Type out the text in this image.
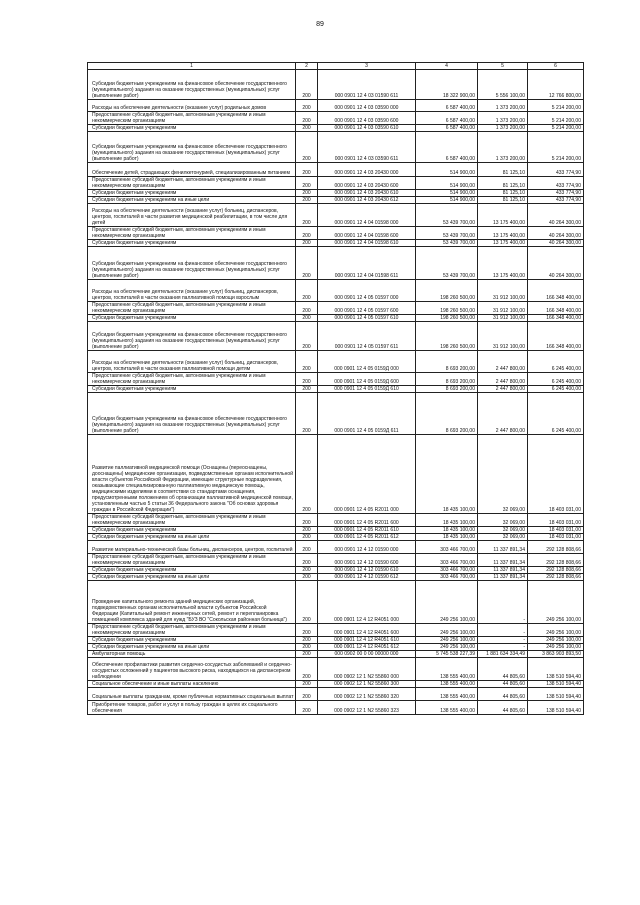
89
1	2	3	4	5	6
Субсидии бюджетным учреждениям на финансовое обеспечение государственного (муниципального) задания на оказание государственных (муниципальных) услуг (выполнение работ)	200	000 0901 12 4 03 01590 611	18 322 900,00	5 556 100,00	12 766 800,00
Расходы на обеспечение деятельности (оказание услуг) родильных домов	200	000 0901 12 4 03 03590 000	6 587 400,00	1 373 200,00	5 214 200,00
Предоставление субсидий бюджетным, автономным учреждениям и иным некоммерческим организациям	200	000 0901 12 4 03 03590 600	6 587 400,00	1 373 200,00	5 214 200,00
Субсидии бюджетным учреждениям	200	000 0901 12 4 03 03590 610	6 587 400,00	1 373 200,00	5 214 200,00
Субсидии бюджетным учреждениям на финансовое обеспечение государственного (муниципального) задания на оказание государственных (муниципальных) услуг (выполнение работ)	200	000 0901 12 4 03 03590 611	6 587 400,00	1 373 200,00	5 214 200,00
Обеспечение детей, страдающих фенилкетонурией, специализированным питанием	200	000 0901 12 4 03 20430 000	514 900,00	81 125,10	433 774,90
Предоставление субсидий бюджетным, автономным учреждениям и иным некоммерческим организациям	200	000 0901 12 4 03 20430 600	514 900,00	81 125,10	433 774,90
Субсидии бюджетным учреждениям	200	000 0901 12 4 03 20430 610	514 900,00	81 125,10	433 774,90
Субсидии бюджетным учреждениям на иные цели	200	000 0901 12 4 03 20430 612	514 900,00	81 125,10	433 774,90
Расходы на обеспечение деятельности (оказание услуг) больниц, диспансеров, центров, госпиталей в части развития медицинской реабилитации, в том числе для детей	200	000 0901 12 4 04 01598 000	53 439 700,00	13 175 400,00	40 264 300,00
Предоставление субсидий бюджетным, автономным учреждениям и иным некоммерческим организациям	200	000 0901 12 4 04 01598 600	53 439 700,00	13 175 400,00	40 264 300,00
Субсидии бюджетным учреждениям	200	000 0901 12 4 04 01598 610	53 439 700,00	13 175 400,00	40 264 300,00
Субсидии бюджетным учреждениям на финансовое обеспечение государственного (муниципального) задания на оказание государственных (муниципальных) услуг (выполнение работ)	200	000 0901 12 4 04 01598 611	53 439 700,00	13 175 400,00	40 264 300,00
Расходы на обеспечение деятельности (оказание услуг) больниц, диспансеров, центров, госпиталей в части оказания паллиативной помощи взрослым	200	000 0901 12 4 05 01597 000	198 260 500,00	31 912 100,00	166 348 400,00
Предоставление субсидий бюджетным, автономным учреждениям и иным некоммерческим организациям	200	000 0901 12 4 05 01597 600	198 260 500,00	31 912 100,00	166 348 400,00
Субсидии бюджетным учреждениям	200	000 0901 12 4 05 01597 610	198 260 500,00	31 912 100,00	166 348 400,00
Субсидии бюджетным учреждениям на финансовое обеспечение государственного (муниципального) задания на оказание государственных (муниципальных) услуг (выполнение работ)	200	000 0901 12 4 05 01597 611	198 260 500,00	31 912 100,00	166 348 400,00
Расходы на обеспечение деятельности (оказание услуг) больниц, диспансеров, центров, госпиталей в части оказания паллиативной помощи детям	200	000 0901 12 4 05 0159Д 000	8 693 200,00	2 447 800,00	6 245 400,00
Предоставление субсидий бюджетным, автономным учреждениям и иным некоммерческим организациям	200	000 0901 12 4 05 0159Д 600	8 693 200,00	2 447 800,00	6 245 400,00
Субсидии бюджетным учреждениям	200	000 0901 12 4 05 0159Д 610	8 693 200,00	2 447 800,00	6 245 400,00
Субсидии бюджетным учреждениям на финансовое обеспечение государственного (муниципального) задания на оказание государственных (муниципальных) услуг (выполнение работ)	200	000 0901 12 4 05 0159Д 611	8 693 200,00	2 447 800,00	6 245 400,00
Развитие паллиативной медицинской помощи (Оснащены (переоснащены, дооснащены) медицинские организации, подведомственные органам исполнительной власти субъектов Российской Федерации, имеющие структурные подразделения, оказывающие специализированную паллиативную медицинскую помощь, медицинскими изделиями в соответствии со стандартами оснащения, предусмотренными положением об организации паллиативной медицинской помощи, установленным частью 5 статьи 36 Федерального закона "Об основах здоровья граждан в Российской Федерации")	200	000 0901 12 4 05 R2011 000	18 435 100,00	32 069,00	18 403 031,00
Предоставление субсидий бюджетным, автономным учреждениям и иным некоммерческим организациям	200	000 0901 12 4 05 R2011 600	18 435 100,00	32 069,00	18 403 031,00
Субсидии бюджетным учреждениям	200	000 0901 12 4 05 R2011 610	18 435 100,00	32 069,00	18 403 031,00
Субсидии бюджетным учреждениям на иные цели	200	000 0901 12 4 05 R2011 612	18 435 100,00	32 069,00	18 403 031,00
Развитие материально-технической базы больниц, диспансеров, центров, госпиталей	200	000 0901 12 4 12 01590 000	303 466 700,00	11 337 891,34	292 128 808,66
Предоставление субсидий бюджетным, автономным учреждениям и иным некоммерческим организациям	200	000 0901 12 4 12 01590 600	303 466 700,00	11 337 891,34	292 128 808,66
Субсидии бюджетным учреждениям	200	000 0901 12 4 12 01590 610	303 466 700,00	11 337 891,34	292 128 808,66
Субсидии бюджетным учреждениям на иные цели	200	000 0901 12 4 12 01590 612	303 466 700,00	11 337 891,34	292 128 808,66
Проведение капитального ремонта зданий медицинских организаций, подведомственных органам исполнительной власти субъектов Российской Федерации (Капитальный ремонт инженерных сетей, ремонт и перепланировка помещений комплекса зданий для нужд "БУЗ ВО "Сокольская районная больница")	200	000 0901 12 4 12 R4051 000	249 256 100,00	-	249 256 100,00
Предоставление субсидий бюджетным, автономным учреждениям и иным некоммерческим организациям	200	000 0901 12 4 12 R4051 600	249 256 100,00	-	249 256 100,00
Субсидии бюджетным учреждениям	200	000 0901 12 4 12 R4051 610	249 256 100,00	-	249 256 100,00
Субсидии бюджетным учреждениям на иные цели	200	000 0901 12 4 12 R4051 612	249 256 100,00	-	249 256 100,00
Амбулаторная помощь	200	000 0902 00 0 00 00000 000	5 745 538 227,39	1 881 634 334,49	3 863 903 893,50
Обеспечение профилактики развития сердечно-сосудистых заболеваний и сердечно-сосудистых осложнений у пациентов высокого риска, находящихся на диспансерном наблюдении	200	000 0902 12 1 N2 55860 000	138 555 400,00	44 805,60	138 510 594,40
Социальное обеспечение и иные выплаты населению	200	000 0902 12 1 N2 55860 300	138 555 400,00	44 805,60	138 510 594,40
Социальные выплаты гражданам, кроме публичных нормативных социальных выплат	200	000 0902 12 1 N2 55860 320	138 555 400,00	44 805,60	138 510 594,40
Приобретение товаров, работ и услуг в пользу граждан в целях их социального обеспечения	200	000 0902 12 1 N2 55860 323	138 555 400,00	44 805,60	138 510 594,40
